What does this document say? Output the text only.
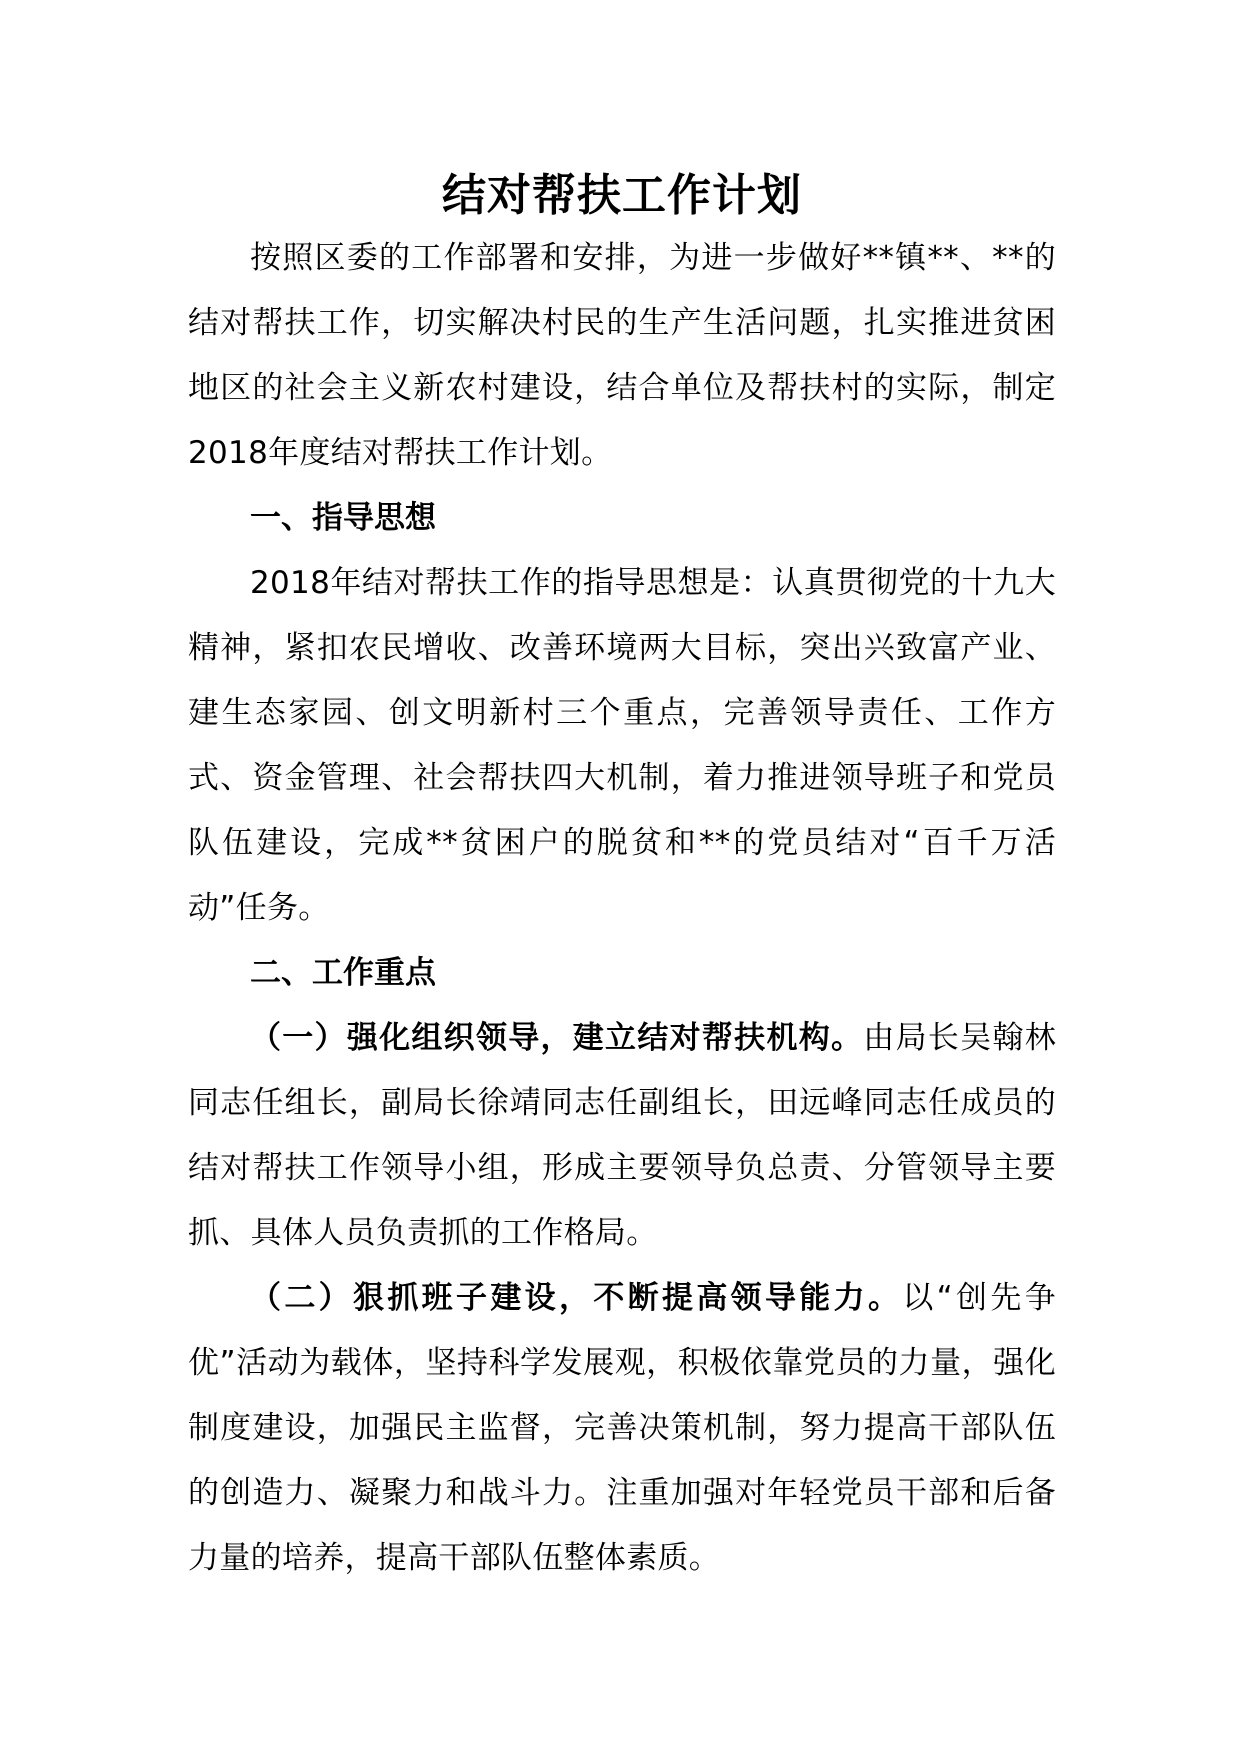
结对帮扶工作计划

按照区委的工作部署和安排，为进一步做好**镇**、**的结对帮扶工作，切实解决村民的生产生活问题，扎实推进贫困地区的社会主义新农村建设，结合单位及帮扶村的实际，制定2018年度结对帮扶工作计划。

一、指导思想

2018年结对帮扶工作的指导思想是：认真贯彻党的十九大精神，紧扣农民增收、改善环境两大目标，突出兴致富产业、建生态家园、创文明新村三个重点，完善领导责任、工作方式、资金管理、社会帮扶四大机制，着力推进领导班子和党员队伍建设，完成**贫困户的脱贫和**的党员结对“百千万活动”任务。

二、工作重点

（一）强化组织领导，建立结对帮扶机构。由局长吴翰林同志任组长，副局长徐靖同志任副组长，田远峰同志任成员的结对帮扶工作领导小组，形成主要领导负总责、分管领导主要抓、具体人员负责抓的工作格局。

（二）狠抓班子建设，不断提高领导能力。以“创先争优”活动为载体，坚持科学发展观，积极依靠党员的力量，强化制度建设，加强民主监督，完善决策机制，努力提高干部队伍的创造力、凝聚力和战斗力。注重加强对年轻党员干部和后备力量的培养，提高干部队伍整体素质。
